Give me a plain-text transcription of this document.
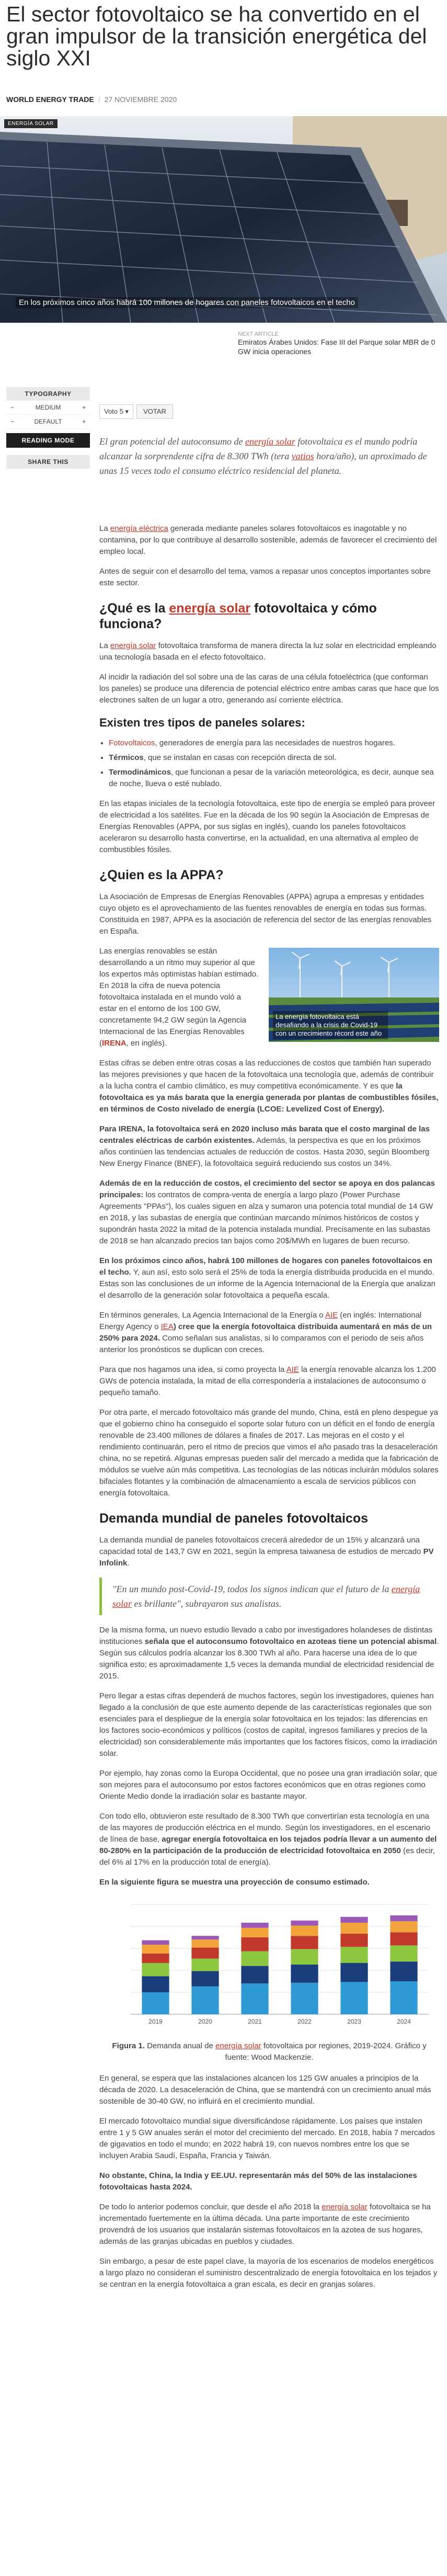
El sector fotovoltaico se ha convertido en el gran impulsor de la transición energética del siglo XXI
WORLD ENERGY TRADE / 27 NOVIEMBRE 2020
ENERGÍA SOLAR
En los próximos cinco años habrá 100 millones de hogares con paneles fotovoltaicos en el techo
NEXT ARTICLE
Emiratos Árabes Unidos: Fase III del Parque solar MBR de 0 GW inicia operaciones
TYPOGRAPHY
−	MEDIUM	+
−	DEFAULT	+
READING MODE
SHARE THIS
Voto 5 ▾	VOTAR
El gran potencial del autoconsumo de energía solar fotovoltaica es el mundo podría alcanzar la sorprendente cifra de 8.300 TWh (tera vatios hora/año), un aproximado de unas 15 veces todo el consumo eléctrico residencial del planeta.

La energía eléctrica generada mediante paneles solares fotovoltaicos es inagotable y no contamina, por lo que contribuye al desarrollo sostenible, además de favorecer el crecimiento del empleo local.

Antes de seguir con el desarrollo del tema, vamos a repasar unos conceptos importantes sobre este sector.

¿Qué es la energía solar fotovoltaica y cómo funciona?

La energía solar fotovoltaica transforma de manera directa la luz solar en electricidad empleando una tecnología basada en el efecto fotovoltaico.

Al incidir la radiación del sol sobre una de las caras de una célula fotoeléctrica (que conforman los paneles) se produce una diferencia de potencial eléctrico entre ambas caras que hace que los electrones salten de un lugar a otro, generando así corriente eléctrica.

Existen tres tipos de paneles solares:
• Fotovoltaicos, generadores de energía para las necesidades de nuestros hogares.
• Térmicos, que se instalan en casas con recepción directa de sol.
• Termodinámicos, que funcionan a pesar de la variación meteorológica, es decir, aunque sea de noche, llueva o esté nublado.

En las etapas iniciales de la tecnología fotovoltaica, este tipo de energía se empleó para proveer de electricidad a los satélites. Fue en la década de los 90 según la Asociación de Empresas de Energías Renovables (APPA, por sus siglas en inglés), cuando los paneles fotovoltaicos aceleraron su desarrollo hasta convertirse, en la actualidad, en una alternativa al empleo de combustibles fósiles.

¿Quien es la APPA?

La Asociación de Empresas de Energías Renovables (APPA) agrupa a empresas y entidades cuyo objeto es el aprovechamiento de las fuentes renovables de energía en todas sus formas. Constituida en 1987, APPA es la asociación de referencia del sector de las energías renovables en España.

La energía fotovoltaica está desafiando a la crisis de Covid-19 con un crecimiento récord este año

Las energías renovables se están desarrollando a un ritmo muy superior al que los expertos más optimistas habían estimado. En 2018 la cifra de nueva potencia fotovoltaica instalada en el mundo voló a estar en el entorno de los 100 GW, concretamente 94,2 GW según la Agencia Internacional de las Energías Renovables (IRENA, en inglés).

Estas cifras se deben entre otras cosas a las reducciones de costos que también han superado las mejores previsiones y que hacen de la fotovoltaica una tecnología que, además de contribuir a la lucha contra el cambio climático, es muy competitiva económicamente. Y es que la fotovoltaica es ya más barata que la energía generada por plantas de combustibles fósiles, en términos de Costo nivelado de energía (LCOE: Levelized Cost of Energy).

Para IRENA, la fotovoltaica será en 2020 incluso más barata que el costo marginal de las centrales eléctricas de carbón existentes. Además, la perspectiva es que en los próximos años continúen las tendencias actuales de reducción de costos. Hasta 2030, según Bloomberg New Energy Finance (BNEF), la fotovoltaica seguirá reduciendo sus costos un 34%.

Además de en la reducción de costos, el crecimiento del sector se apoya en dos palancas principales: los contratos de compra-venta de energía a largo plazo (Power Purchase Agreements "PPAs"), los cuales siguen en alza y sumaron una potencia total mundial de 14 GW en 2018, y las subastas de energía que continúan marcando mínimos históricos de costos y supondrán hasta 2022 la mitad de la potencia instalada mundial. Precisamente en las subastas de 2018 se han alcanzado precios tan bajos como 20$/MWh en lugares de buen recurso.

En los próximos cinco años, habrá 100 millones de hogares con paneles fotovoltaicos en el techo. Y, aun así, esto solo será el 25% de toda la energía distribuida producida en el mundo. Estas son las conclusiones de un informe de la Agencia Internacional de la Energía que analizan el desarrollo de la generación solar fotovoltaica a pequeña escala.

En términos generales, La Agencia Internacional de la Energía o AIE (en inglés: International Energy Agency o IEA) cree que la energía fotovoltaica distribuida aumentará en más de un 250% para 2024. Como señalan sus analistas, si lo comparamos con el periodo de seis años anterior los pronósticos se duplican con creces.

Para que nos hagamos una idea, si como proyecta la AIE la energía renovable alcanza los 1.200 GWs de potencia instalada, la mitad de ella correspondería a instalaciones de autoconsumo o pequeño tamaño.

Por otra parte, el mercado fotovoltaico más grande del mundo, China, está en pleno despegue ya que el gobierno chino ha conseguido el soporte solar futuro con un déficit en el fondo de energía renovable de 23.400 millones de dólares a finales de 2017. Las mejoras en el costo y el rendimiento continuarán, pero el ritmo de precios que vimos el año pasado tras la desaceleración china, no se repetirá. Algunas empresas pueden salir del mercado a medida que la fabricación de módulos se vuelve aún más competitiva. Las tecnologías de las nóticas incluirán módulos solares bifaciales flotantes y la combinación de almacenamiento a escala de servicios públicos con energía fotovoltaica.

Demanda mundial de paneles fotovoltaicos

La demanda mundial de paneles fotovoltaicos crecerá alrededor de un 15% y alcanzará una capacidad total de 143,7 GW en 2021, según la empresa taiwanesa de estudios de mercado PV Infolink.

"En un mundo post-Covid-19, todos los signos indican que el futuro de la energía solar es brillante", subrayaron sus analistas.

De la misma forma, un nuevo estudio llevado a cabo por investigadores holandeses de distintas instituciones señala que el autoconsumo fotovoltaico en azoteas tiene un potencial abismal. Según sus cálculos podría alcanzar los 8.300 TWh al año. Para hacerse una idea de lo que significa esto; es aproximadamente 1,5 veces la demanda mundial de electricidad residencial de 2015.

Pero llegar a estas cifras dependerá de muchos factores, según los investigadores, quienes han llegado a la conclusión de que este aumento depende de las características regionales que son esenciales para el despliegue de la energía solar fotovoltaica en los tejados: las diferencias en los factores socio-económicos y políticos (costos de capital, ingresos familiares y precios de la electricidad) son considerablemente más importantes que los factores físicos, como la irradiación solar.

Por ejemplo, hay zonas como la Europa Occidental, que no posee una gran irradiación solar, que son mejores para el autoconsumo por estos factores económicos que en otras regiones como Oriente Medio donde la irradiación solar es bastante mayor.

Con todo ello, obtuvieron este resultado de 8.300 TWh que convertirían esta tecnología en una de las mayores de producción eléctrica en el mundo. Según los investigadores, en el escenario de línea de base, agregar energía fotovoltaica en los tejados podría llevar a un aumento del 80-280% en la participación de la producción de electricidad fotovoltaica en 2050 (es decir, del 6% al 17% en la producción total de energía).

En la siguiente figura se muestra una proyección de consumo estimado.

2019	2020	2021	2022	2023	2024
Figura 1. Demanda anual de energía solar fotovoltaica por regiones, 2019-2024. Gráfico y fuente: Wood Mackenzie.

En general, se espera que las instalaciones alcancen los 125 GW anuales a principios de la década de 2020. La desaceleración de China, que se mantendrá con un crecimiento anual más sostenible de 30-40 GW, no influirá en el crecimiento mundial.

El mercado fotovoltaico mundial sigue diversificándose rápidamente. Los países que instalen entre 1 y 5 GW anuales serán el motor del crecimiento del mercado. En 2018, había 7 mercados de gigavatios en todo el mundo; en 2022 habrá 19, con nuevos nombres entre los que se incluyen Arabia Saudí, España, Francia y Taiwán.

No obstante, China, la India y EE.UU. representarán más del 50% de las instalaciones fotovoltaicas hasta 2024.

De todo lo anterior podemos concluir, que desde el año 2018 la energía solar fotovoltaica se ha incrementado fuertemente en la última década. Una parte importante de este crecimiento provendrá de los usuarios que instalarán sistemas fotovoltaicos en la azotea de sus hogares, además de las granjas ubicadas en pueblos y ciudades.

Sin embargo, a pesar de este papel clave, la mayoría de los escenarios de modelos energéticos a largo plazo no consideran el suministro descentralizado de energía fotovoltaica en los tejados y se centran en la energía fotovoltaica a gran escala, es decir en granjas solares.
